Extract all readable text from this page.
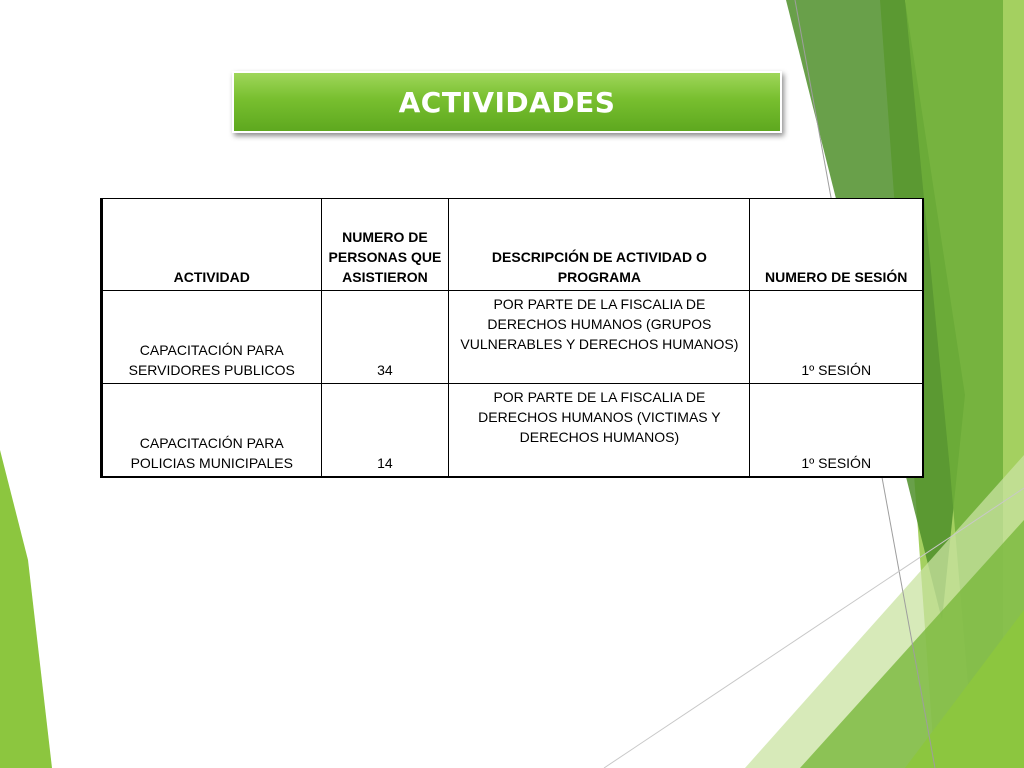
ACTIVIDADES
ACTIVIDAD	NUMERO DE PERSONAS QUE ASISTIERON	DESCRIPCIÓN DE ACTIVIDAD O PROGRAMA	NUMERO DE SESIÓN
CAPACITACIÓN PARA SERVIDORES PUBLICOS	34	POR PARTE DE LA FISCALIA DE DERECHOS HUMANOS (GRUPOS VULNERABLES Y DERECHOS HUMANOS)	1º SESIÓN
CAPACITACIÓN PARA POLICIAS MUNICIPALES	14	POR PARTE DE LA FISCALIA DE DERECHOS HUMANOS (VICTIMAS Y DERECHOS HUMANOS)	1º SESIÓN
